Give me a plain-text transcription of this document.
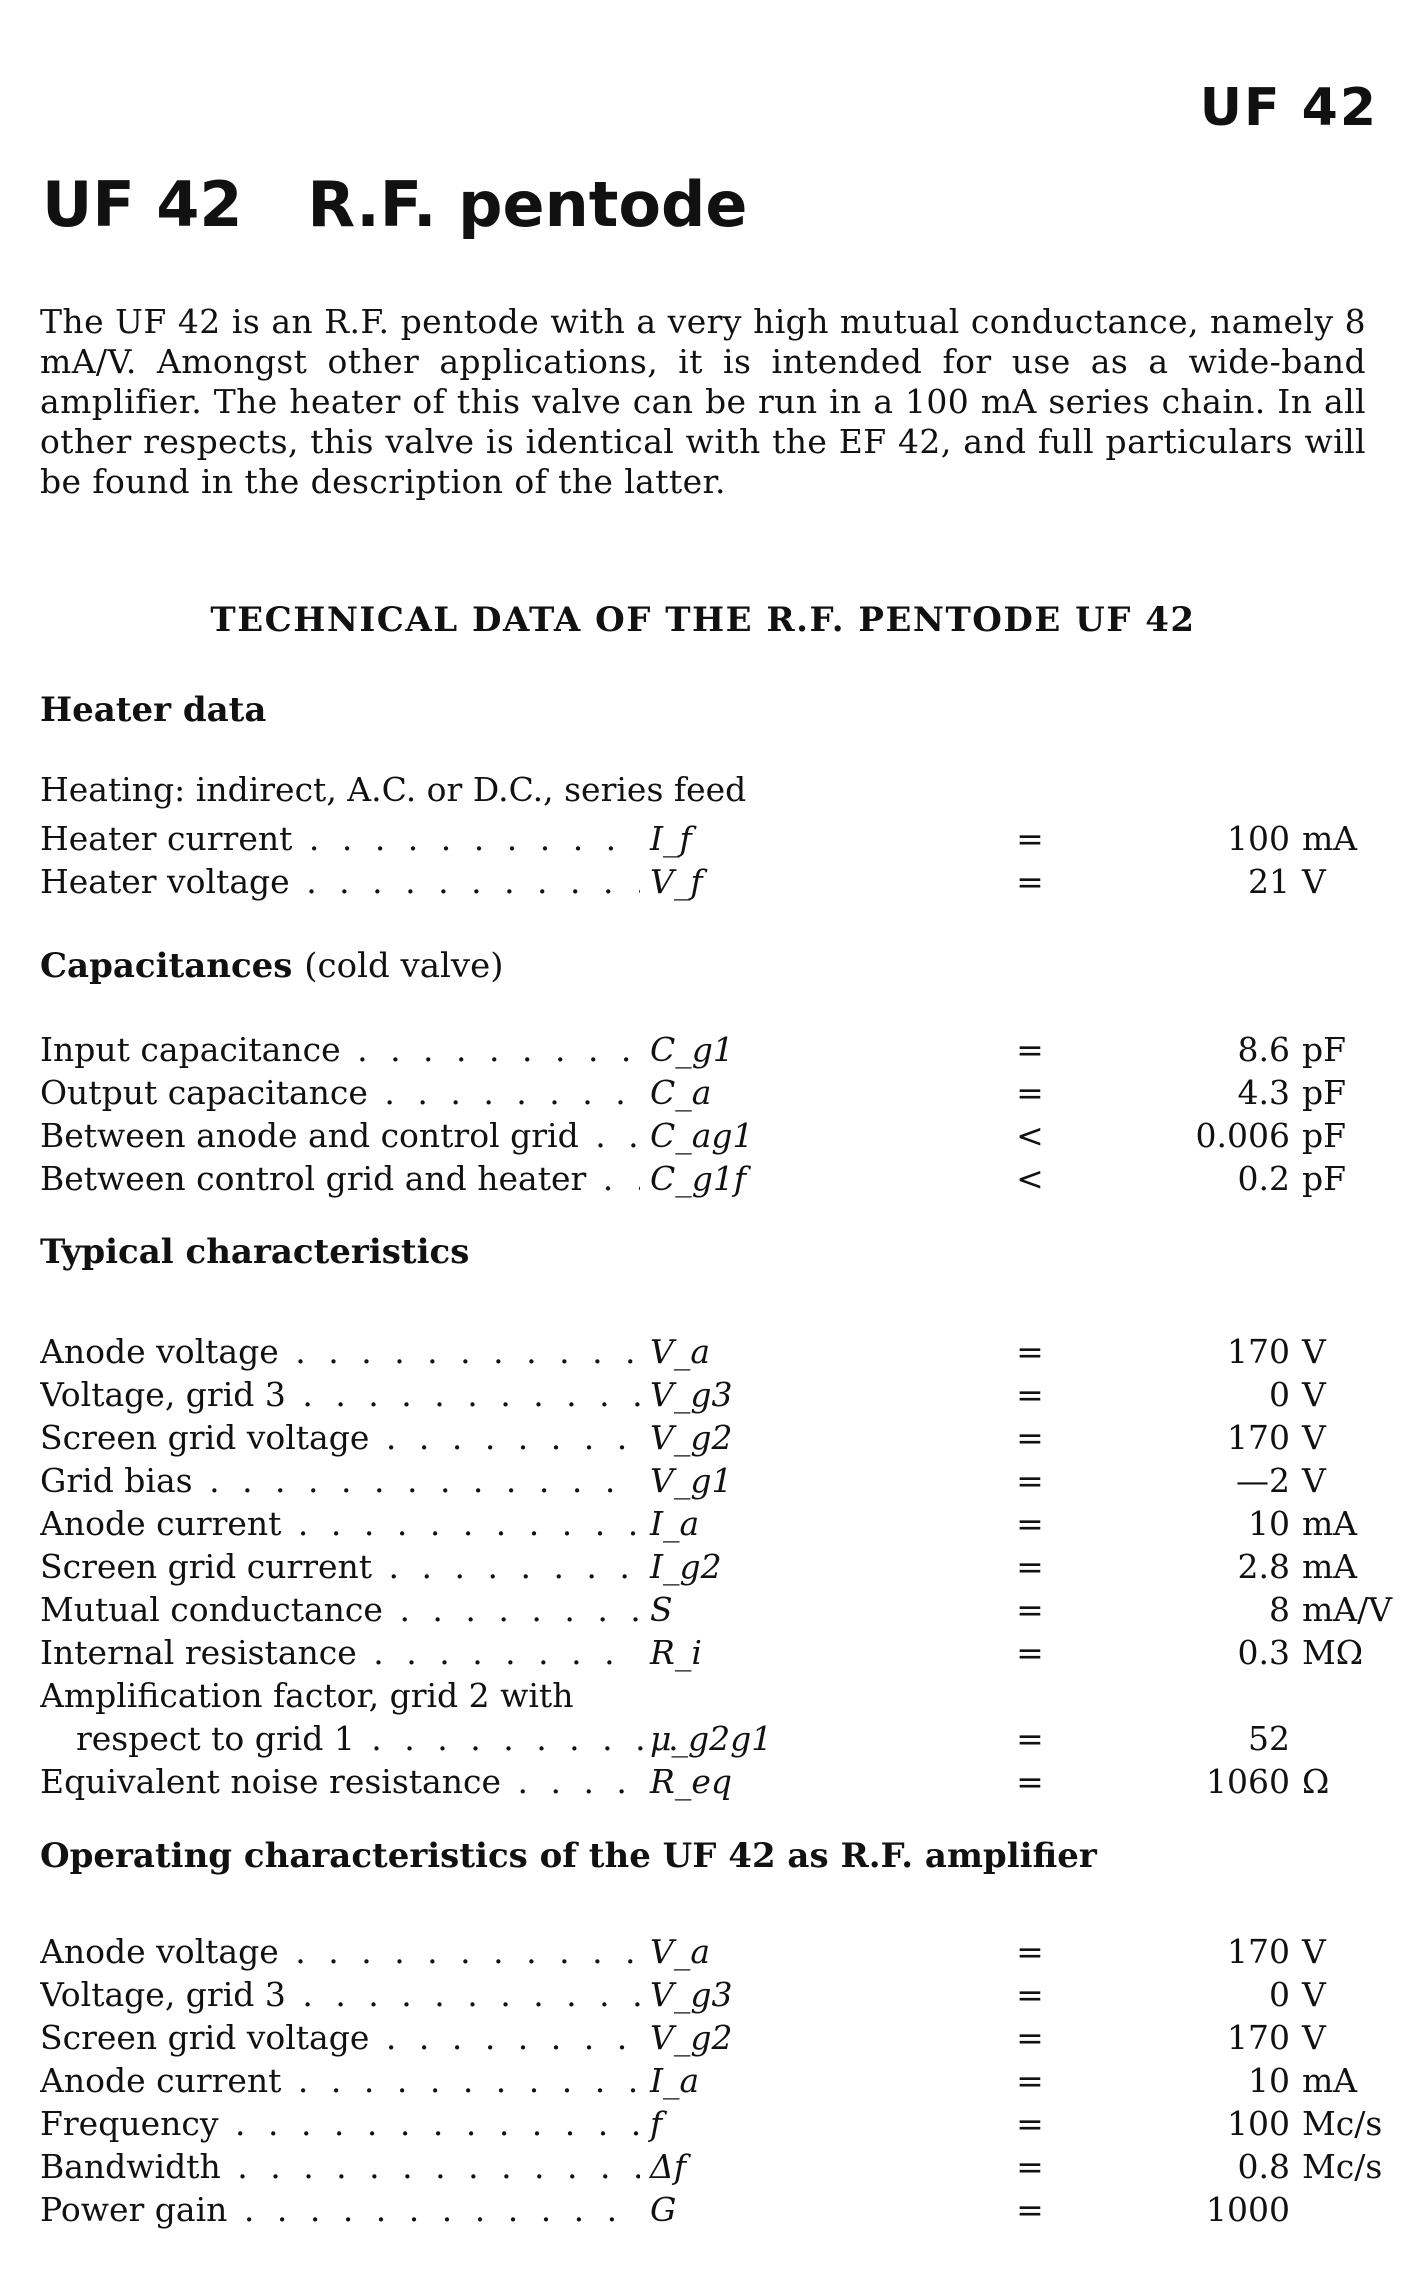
UF 42
UF 42   R.F. pentode

The UF 42 is an R.F. pentode with a very high mutual conductance, namely 8 mA/V. Amongst other applications, it is intended for use as a wide-band amplifier. The heater of this valve can be run in a 100 mA series chain. In all other respects, this valve is identical with the EF 42, and full particulars will be found in the description of the latter.

TECHNICAL DATA OF THE R.F. PENTODE UF 42
Heater data

Heating: indirect, A.C. or D.C., series feed

Heater current . . .	I_f	=	100 mA
Heater voltage . . .	V_f	=	21 V
Capacitances (cold valve)
Input capacitance . . .	C_g1	=	8.6 pF
Output capacitance . . .	C_a	=	4.3 pF
Between anode and control grid . . .	C_ag1	<	0.006 pF
Between control grid and heater . . .	C_g1f	<	0.2 pF
Typical characteristics
Anode voltage . . .	V_a	=	170 V
Voltage, grid 3 . . .	V_g3	=	0 V
Screen grid voltage . . .	V_g2	=	170 V
Grid bias . . .	V_g1	=	—2 V
Anode current . . .	I_a	=	10 mA
Screen grid current . . .	I_g2	=	2.8 mA
Mutual conductance . . .	S	=	8 mA/V
Internal resistance . . .	R_i	=	0.3 MΩ
Amplification factor, grid 2 with
respect to grid 1 . . .	μ_g2g1	=	52
Equivalent noise resistance . . .	R_eq	=	1060 Ω
Operating characteristics of the UF 42 as R.F. amplifier
Anode voltage . . .	V_a	=	170 V
Voltage, grid 3 . . .	V_g3	=	0 V
Screen grid voltage . . .	V_g2	=	170 V
Anode current . . .	I_a	=	10 mA
Frequency . . .	f	=	100 Mc/s
Bandwidth . . .	Δf	=	0.8 Mc/s
Power gain . . .	G	=	1000
